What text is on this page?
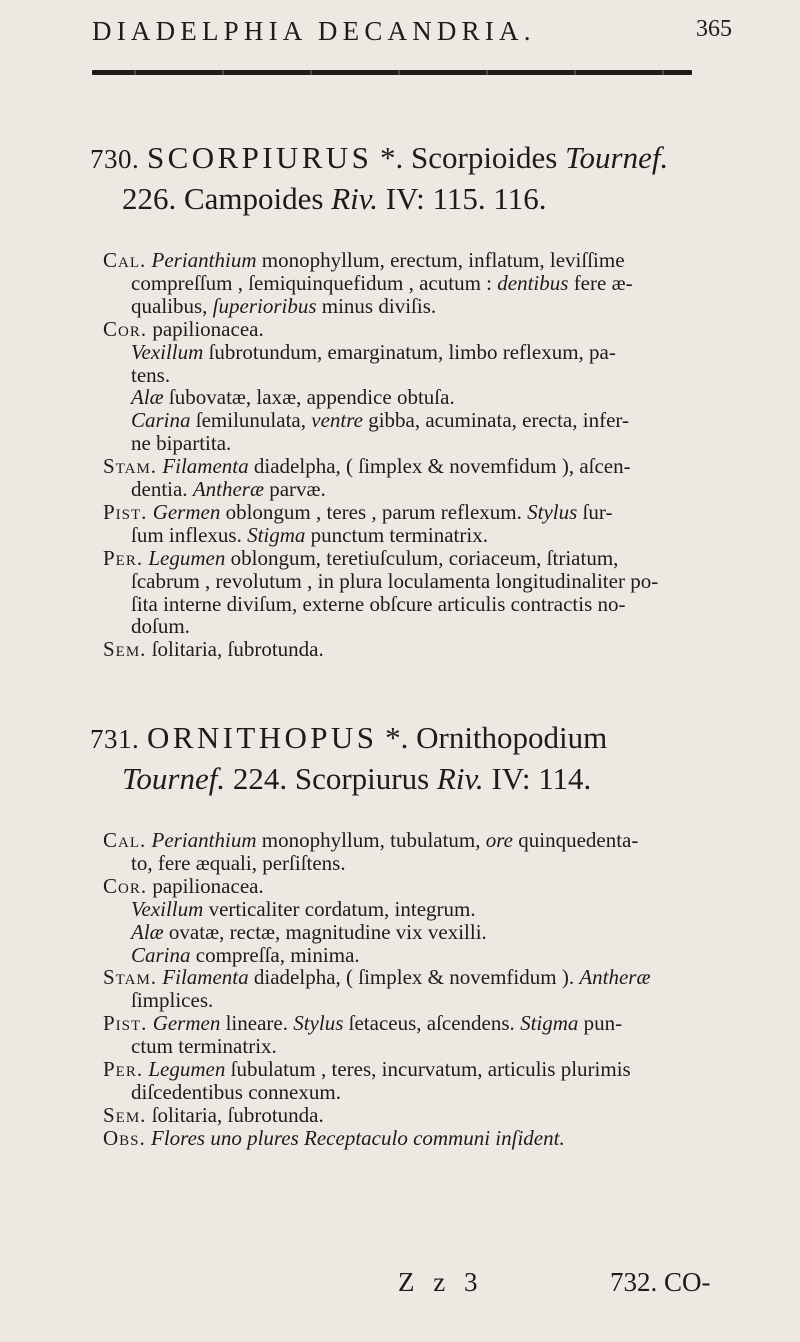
DIADELPHIA DECANDRIA.	365
730. SCORPIURUS *. Scorpioides Tournef.
226. Campoides Riv. IV: 115. 116.
Cal. Perianthium monophyllum, erectum, inflatum, leviſſime
compreſſum , ſemiquinquefidum , acutum : dentibus fere æ-
qualibus, ſuperioribus minus diviſis.
Cor. papilionacea.
Vexillum ſubrotundum, emarginatum, limbo reflexum, pa-
tens.
Alæ ſubovatæ, laxæ, appendice obtuſa.
Carina ſemilunulata, ventre gibba, acuminata, erecta, infer-
ne bipartita.
Stam. Filamenta diadelpha, ( ſimplex & novemfidum ), aſcen-
dentia. Antheræ parvæ.
Pist. Germen oblongum , teres , parum reflexum. Stylus ſur-
ſum inflexus. Stigma punctum terminatrix.
Per. Legumen oblongum, teretiuſculum, coriaceum, ſtriatum,
ſcabrum , revolutum , in plura loculamenta longitudinaliter po-
ſita interne diviſum, externe obſcure articulis contractis no-
doſum.
Sem. ſolitaria, ſubrotunda.
731. ORNITHOPUS *. Ornithopodium
Tournef. 224. Scorpiurus Riv. IV: 114.
Cal. Perianthium monophyllum, tubulatum, ore quinquedenta-
to, fere æquali, perſiſtens.
Cor. papilionacea.
Vexillum verticaliter cordatum, integrum.
Alæ ovatæ, rectæ, magnitudine vix vexilli.
Carina compreſſa, minima.
Stam. Filamenta diadelpha, ( ſimplex & novemfidum ). Antheræ
ſimplices.
Pist. Germen lineare. Stylus ſetaceus, aſcendens. Stigma pun-
ctum terminatrix.
Per. Legumen ſubulatum , teres, incurvatum, articulis plurimis
diſcedentibus connexum.
Sem. ſolitaria, ſubrotunda.
Obs. Flores uno plures Receptaculo communi inſident.
Z z 3	732. CO-
